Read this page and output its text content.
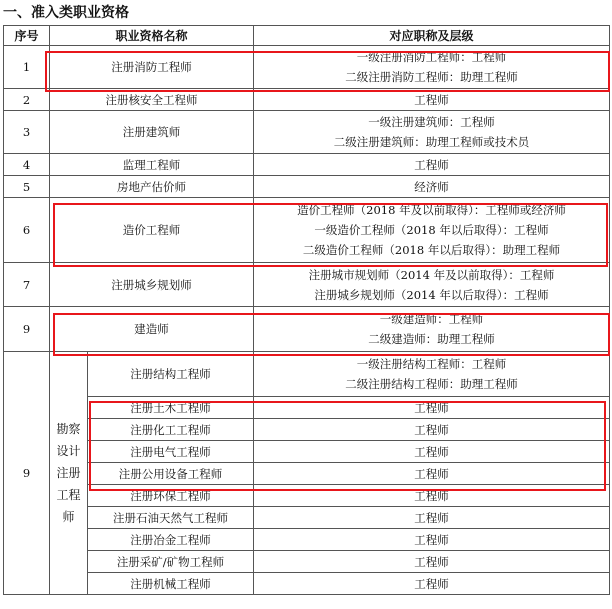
一、准入类职业资格
序号	职业资格名称		对应职称及层级
1	注册消防工程师		一级注册消防工程师：工程师
二级注册消防工程师：助理工程师

2	注册核安全工程师		工程师

3	注册建筑师		一级注册建筑师：工程师
二级注册建筑师：助理工程师或技术员

4	监理工程师		工程师

5	房地产估价师		经济师

6	造价工程师		造价工程师（2018 年及以前取得）：工程师或经济师
一级造价工程师（2018 年以后取得）：工程师
二级造价工程师（2018 年以后取得）：助理工程师

7	注册城乡规划师		注册城市规划师（2014 年及以前取得）：工程师
注册城乡规划师（2014 年以后取得）：工程师

9	建造师		一级建造师：工程师
二级建造师：助理工程师

9	勘察设计注册工程师	注册结构工程师	一级注册结构工程师：工程师
二级注册结构工程师：助理工程师

		注册土木工程师	工程师

		注册化工工程师	工程师

		注册电气工程师	工程师

		注册公用设备工程师	工程师

		注册环保工程师	工程师

		注册石油天然气工程师	工程师

		注册冶金工程师	工程师

		注册采矿/矿物工程师	工程师

		注册机械工程师	工程师
